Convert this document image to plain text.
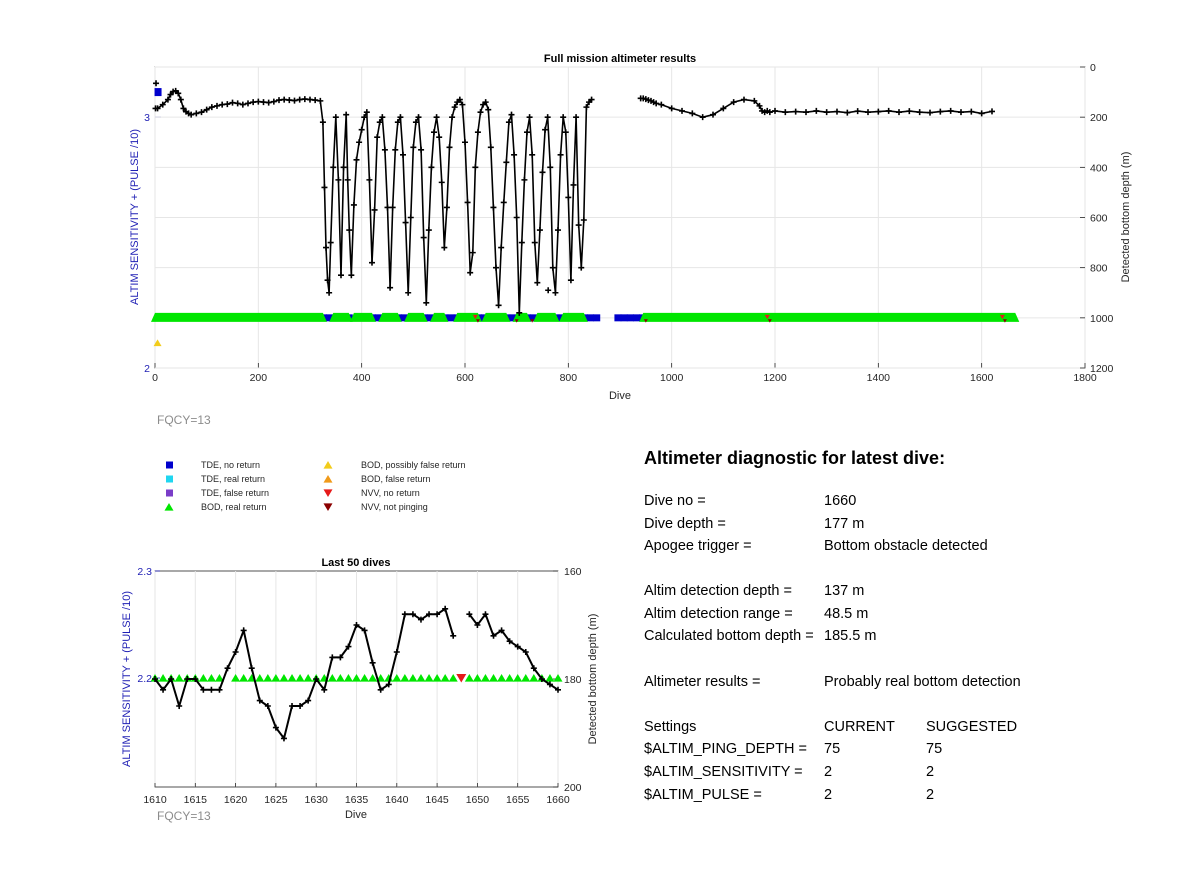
0	200	400	600	800	1000	1200	1400	1600	1800
2
3
0
200
400
600
800
1000
1200
Full mission altimeter results
Dive
ALTIM SENSITIVITY + (PULSE /10)	Detected bottom depth (m)
FQCY=13
TDE, no return
TDE, real return
TDE, false return
BOD, real return
BOD, possibly false return
BOD, false return
NVV, no return
NVV, not pinging
1610 1615 1620 1625 1630 1635 1640 1645 1650 1655 1660
2.2
2.3	160
180
200
Last 50 dives
Dive
ALTIM SENSITIVITY + (PULSE /10)	Detected bottom depth (m)
FQCY=13
Altimeter diagnostic for latest dive:
Dive no =	1660
Dive depth =	177 m
Apogee trigger =	Bottom obstacle detected
Altim detection depth = 137 m
Altim detection range = 48.5 m
Calculated bottom depth = 185.5 m
Altimeter results =	Probably real bottom detection
Settings	CURRENT SUGGESTED
$ALTIM_PING_DEPTH = 75	75
$ALTIM_SENSITIVITY = 2	2
$ALTIM_PULSE =	2	2
